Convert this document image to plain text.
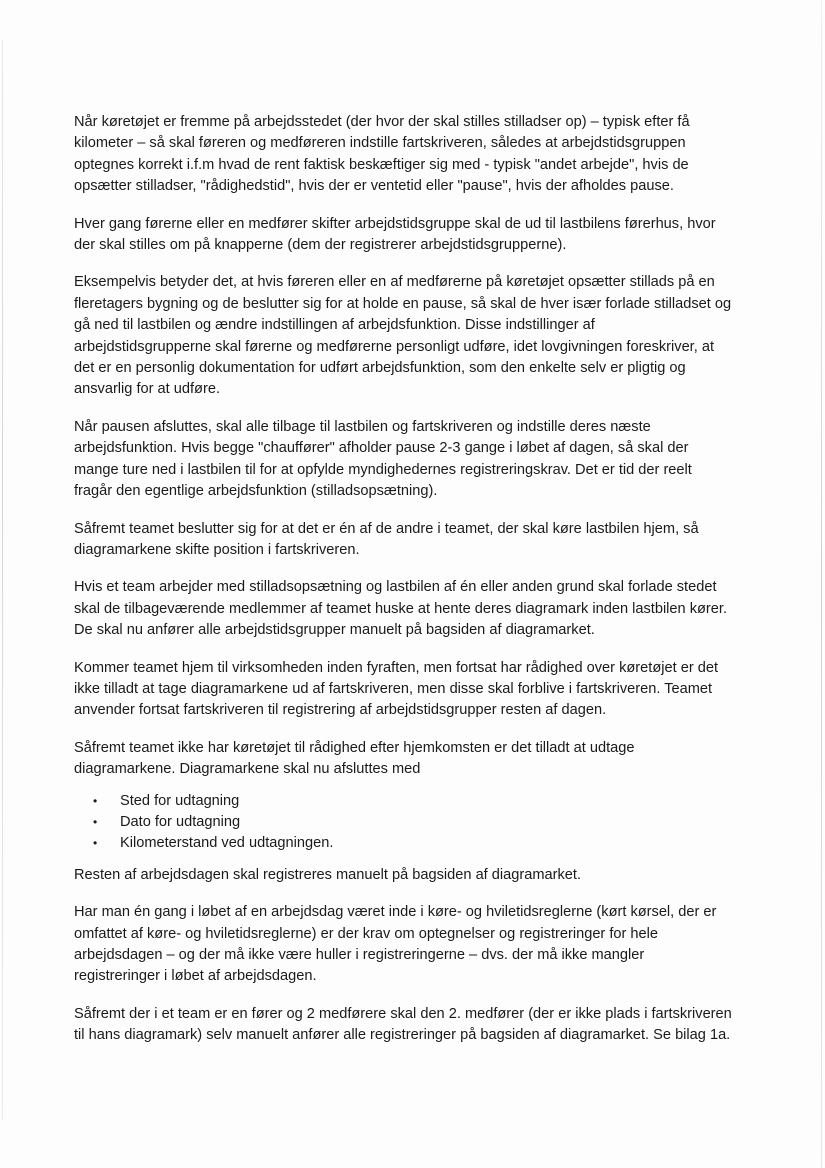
Når køretøjet er fremme på arbejdsstedet (der hvor der skal stilles stilladser op) – typisk efter få kilometer – så skal føreren og medføreren indstille fartskriveren, således at arbejdstidsgruppen optegnes korrekt i.f.m hvad de rent faktisk beskæftiger sig med - typisk "andet arbejde", hvis de opsætter stilladser, "rådighedstid", hvis der er ventetid eller "pause", hvis der afholdes pause.

Hver gang førerne eller en medfører skifter arbejdstidsgruppe skal de ud til lastbilens førerhus, hvor der skal stilles om på knapperne (dem der registrerer arbejdstidsgrupperne).

Eksempelvis betyder det, at hvis føreren eller en af medførerne på køretøjet opsætter stillads på en fleretagers bygning og de beslutter sig for at holde en pause, så skal de hver især forlade stilladset og gå ned til lastbilen og ændre indstillingen af arbejdsfunktion. Disse indstillinger af arbejdstidsgrupperne skal førerne og medførerne personligt udføre, idet lovgivningen foreskriver, at det er en personlig dokumentation for udført arbejdsfunktion, som den enkelte selv er pligtig og ansvarlig for at udføre.

Når pausen afsluttes, skal alle tilbage til lastbilen og fartskriveren og indstille deres næste arbejdsfunktion. Hvis begge "chauffører" afholder pause 2-3 gange i løbet af dagen, så skal der mange ture ned i lastbilen til for at opfylde myndighedernes registreringskrav. Det er tid der reelt fragår den egentlige arbejdsfunktion (stilladsopsætning).

Såfremt teamet beslutter sig for at det er én af de andre i teamet, der skal køre lastbilen hjem, så diagramarkene skifte position i fartskriveren.

Hvis et team arbejder med stilladsopsætning og lastbilen af én eller anden grund skal forlade stedet skal de tilbageværende medlemmer af teamet huske at hente deres diagramark inden lastbilen kører. De skal nu anfører alle arbejdstidsgrupper manuelt på bagsiden af diagramarket.

Kommer teamet hjem til virksomheden inden fyraften, men fortsat har rådighed over køretøjet er det ikke tilladt at tage diagramarkene ud af fartskriveren, men disse skal forblive i fartskriveren. Teamet anvender fortsat fartskriveren til registrering af arbejdstidsgrupper resten af dagen.

Såfremt teamet ikke har køretøjet til rådighed efter hjemkomsten er det tilladt at udtage diagramarkene. Diagramarkene skal nu afsluttes med

• Sted for udtagning
• Dato for udtagning
• Kilometerstand ved udtagningen.

Resten af arbejdsdagen skal registreres manuelt på bagsiden af diagramarket.

Har man én gang i løbet af en arbejdsdag været inde i køre- og hviletidsreglerne (kørt kørsel, der er omfattet af køre- og hviletidsreglerne) er der krav om optegnelser og registreringer for hele arbejdsdagen – og der må ikke være huller i registreringerne – dvs. der må ikke mangler registreringer i løbet af arbejdsdagen.

Såfremt der i et team er en fører og 2 medførere skal den 2. medfører (der er ikke plads i fartskriveren til hans diagramark) selv manuelt anfører alle registreringer på bagsiden af diagramarket. Se bilag 1a.
